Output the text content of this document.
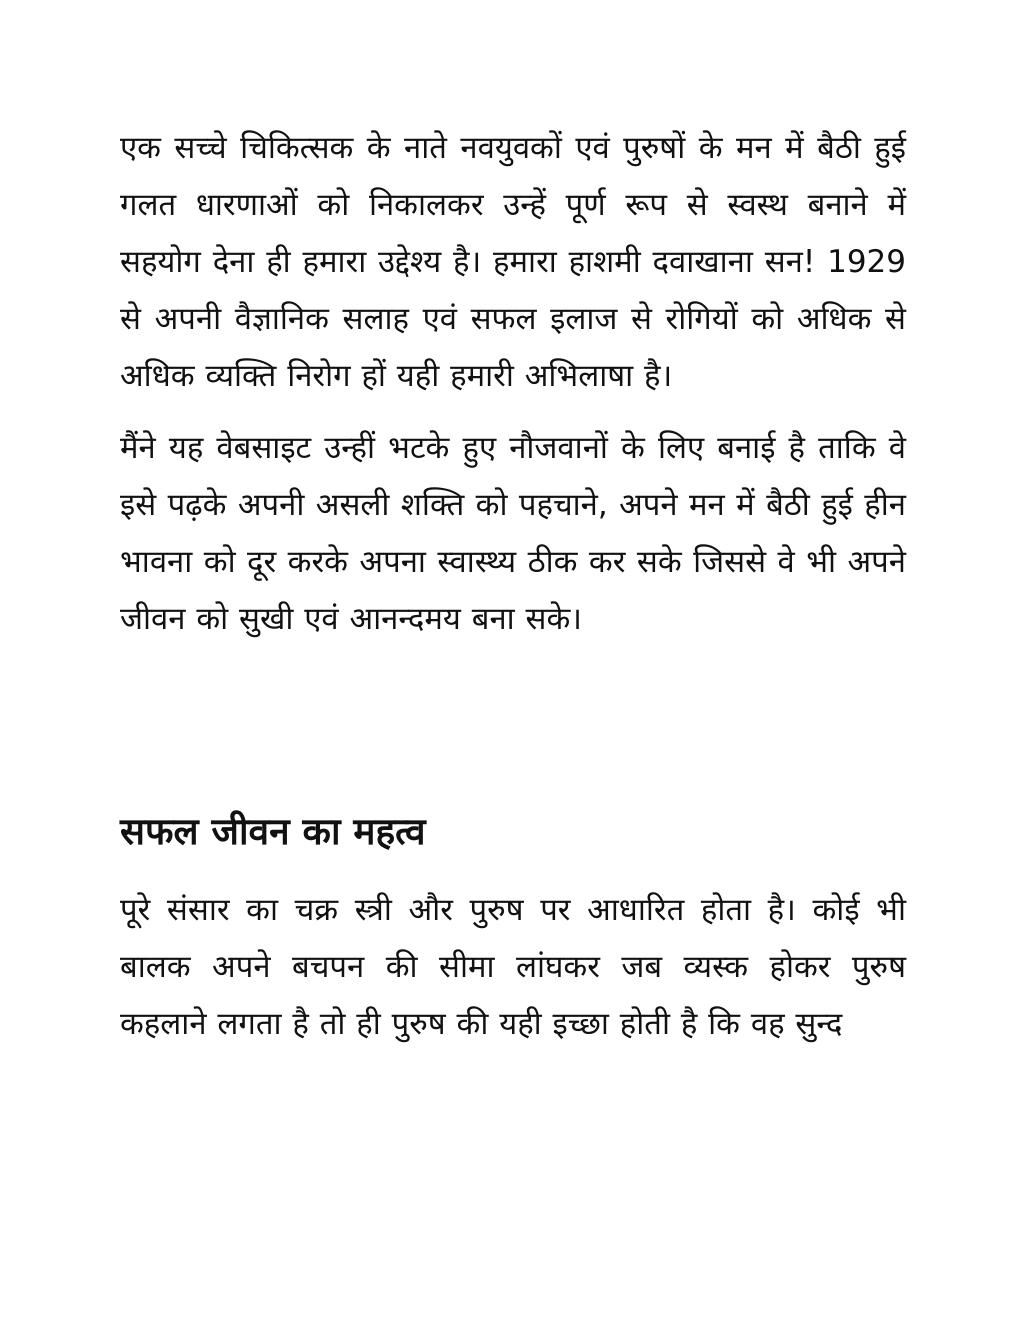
एक सच्चे चिकित्सक के नाते नवयुवकों एवं पुरुषों के मन में बैठी हुई गलत धारणाओं को निकालकर उन्हें पूर्ण रूप से स्वस्थ बनाने में सहयोग देना ही हमारा उद्देश्य है। हमारा हाशमी दवाखाना सन! 1929 से अपनी वैज्ञानिक सलाह एवं सफल इलाज से रोगियों को अधिक से अधिक व्यक्ति निरोग हों यही हमारी अभिलाषा है।

मैंने यह वेबसाइट उन्हीं भटके हुए नौजवानों के लिए बनाई है ताकि वे इसे पढ़के अपनी असली शक्ति को पहचाने, अपने मन में बैठी हुई हीन भावना को दूर करके अपना स्वास्थ्य ठीक कर सके जिससे वे भी अपने जीवन को सुखी एवं आनन्दमय बना सके।

सफल जीवन का महत्व

पूरे संसार का चक्र स्त्री और पुरुष पर आधारित होता है। कोई भी बालक अपने बचपन की सीमा लांघकर जब व्यस्क होकर पुरुष कहलाने लगता है तो ही पुरुष की यही इच्छा होती है कि वह सुन्द
